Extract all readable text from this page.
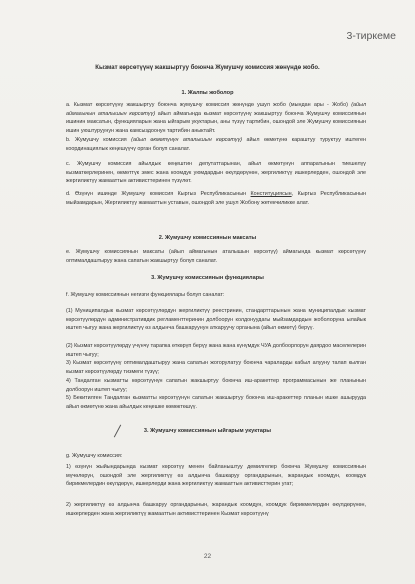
3-тиркеме
Кызмат көрсөтүүнү жакшыртуу боюнча Жумушчу комиссия жөнүндө жобо.
1. Жалпы жоболор
а. Кызмат көрсөтүүнү жакшыртуу боюнча жумушчу комиссия жөнүндө ушул жобо (мындан ары - Жобо) (айыл аймагынын аталышын көрсөтүү) айыл аймагында кызмат көрсөтүүнү жакшыртуу боюнча Жумушчу комиссиянын ишинин максатын, функцияларын жана ыйгарым укуктарын, аны түзүү тартибин, ошондой эле Жумушчу комиссиянын ишин уюштуруунун жана камсыздоонун тартибин аныктайт.
b. Жумушчу комиссия (айыл өкмөтүнүн аталышын көрсөтүү) айыл өкмөтүнө караштуу туруктуу иштеген координациялык кеңешүүчү орган болуп саналат.
с. Жумушчу комиссия айылдык кеңештин депутаттарынан, айыл өкмөтүнүн аппаратынын тиешелүү кызматкерлеринен, өкмөттүк эмес жана коомдук уюмдардын өкүлдөрүнөн, жергиликтүү ишкерлерден, ошондой эле жергиликтүү жамааттын активисттеринен түзүлөт.
d. Өзүнүн ишинде Жумушчу комиссия Кыргыз Республикасынын Конституциясын, Кыргыз Республикасынын мыйзамдарын, Жергиликтүү жамааттын уставын, ошондой эле ушул Жобону жетекчиликке алат.
2. Жумушчу комиссиянын максаты
е. Жумушчу комиссиянын максаты (айыл аймагынын аталышын көрсөтүү) аймагында кызмат көрсөтүүнү оптималдаштыруу жана сапатын жакшыртуу болуп саналат.
3. Жумушчу комиссиянын функциялары
f. Жумушчу комиссиянын негизги функциялары болуп саналат:
(1) Муниципалдык кызмат көрсөтүүлөрдүн жергиликтүү реестринин, стандарттарынын жана муниципалдык кызмат көрсөтүүлөрдүн административдик регламенттеринин долбоорун колдонуудагы мыйзамдардын жоболоруна ылайык иштеп чыгуу жана жергиликтүү өз алдынча башкаруунун аткаруучу органына (айыл өкмөтү) берүү.
(2) Кызмат көрсөтүүлөрдү үчүнчү тарапка өткөрүп берүү жана жана күнүмдүк ЧУА долбоорлорун даярдоо маселелерин иштеп чыгуу;
3) Кызмат көрсөтүүнү оптималдаштыруу жана сапатын жогорулатуу боюнча чараларды кабыл алууну талап кылган кызмат көрсөтүүлөрдү тизмеги түзүү;
4) Тандалган кызматты көрсөтүүнүн сапатын жакшыртуу боюнча иш-аракеттер программасынын же планынын долбоорун иштеп чыгуу;
5) Бекитилген Тандалган кызматты көрсөтүүнүн сапатын жакшыртуу боюнча иш-аракеттер планын ишке ашырууда айыл өкмөтүнө жана айылдык кеңешке көмөктөшүү.
3. Жумушчу комиссиянын ыйгарым укуктары
g. Жумушчу комиссия:
1) өзүнүн жыйындарында кызмат көрсөтүү менен байланыштуу демилгелер боюнча Жумушчу комиссиянын мүчөлөрүн, ошондой эле жергиликтүү өз алдынча башкаруу органдарынын, жарандык коомдун, коомдук бирикмелердин өкүлдөрүн, ишкерлерди жана жергиликтүү жамааттын активисттерин угат;
2) жергиликтүү өз алдынча башкаруу органдарынын, жарандык коомдун, коомдук бирикмелердин өкүлдөрүнөн, ишкерлерден жана жергиликтүү жамааттын активисттеринен Кызмат көрсөтүүнү
22
